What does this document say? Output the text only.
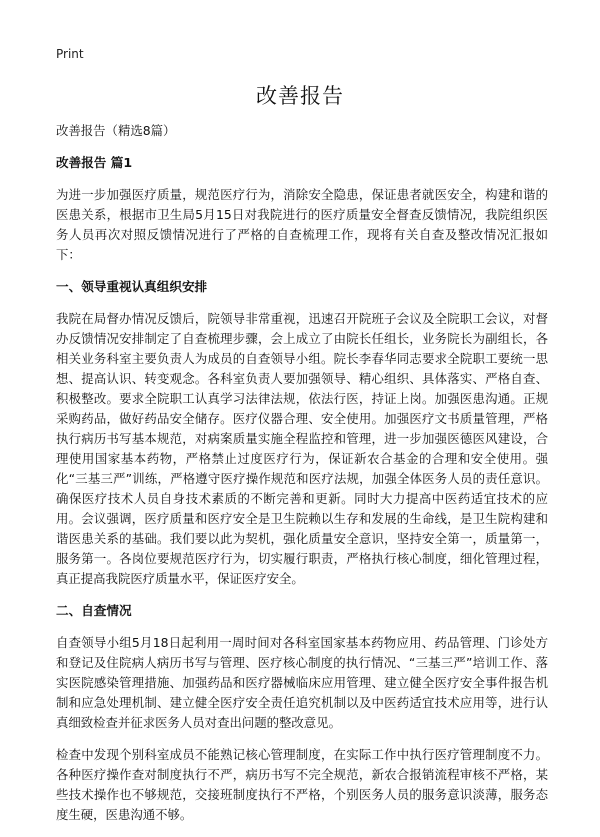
Print
改善报告

改善报告（精选8篇）

改善报告 篇1

为进一步加强医疗质量，规范医疗行为，消除安全隐患，保证患者就医安全，构建和谐的医患关系，根据市卫生局5月15日对我院进行的医疗质量安全督查反馈情况，我院组织医务人员再次对照反馈情况进行了严格的自查梳理工作，现将有关自查及整改情况汇报如下：

一、领导重视认真组织安排

我院在局督办情况反馈后，院领导非常重视，迅速召开院班子会议及全院职工会议，对督办反馈情况安排制定了自查梳理步骤，会上成立了由院长任组长，业务院长为副组长，各相关业务科室主要负责人为成员的自查领导小组。院长李春华同志要求全院职工要统一思想、提高认识、转变观念。各科室负责人要加强领导、精心组织、具体落实、严格自查、积极整改。要求全院职工认真学习法律法规，依法行医，持证上岗。加强医患沟通。正规采购药品，做好药品安全储存。医疗仪器合理、安全使用。加强医疗文书质量管理，严格执行病历书写基本规范，对病案质量实施全程监控和管理，进一步加强医德医风建设，合理使用国家基本药物，严格禁止过度医疗行为，保证新农合基金的合理和安全使用。强化“三基三严”训练，严格遵守医疗操作规范和医疗法规，加强全体医务人员的责任意识。确保医疗技术人员自身技术素质的不断完善和更新。同时大力提高中医药适宜技术的应用。会议强调，医疗质量和医疗安全是卫生院赖以生存和发展的生命线，是卫生院构建和谐医患关系的基础。我们要以此为契机，强化质量安全意识，坚持安全第一，质量第一，服务第一。各岗位要规范医疗行为，切实履行职责，严格执行核心制度，细化管理过程，真正提高我院医疗质量水平，保证医疗安全。

二、自查情况

自查领导小组5月18日起利用一周时间对各科室国家基本药物应用、药品管理、门诊处方和登记及住院病人病历书写与管理、医疗核心制度的执行情况、“三基三严”培训工作、落实医院感染管理措施、加强药品和医疗器械临床应用管理、建立健全医疗安全事件报告机制和应急处理机制、建立健全医疗安全责任追究机制以及中医药适宜技术应用等，进行认真细致检查并征求医务人员对查出问题的整改意见。

检查中发现个别科室成员不能熟记核心管理制度，在实际工作中执行医疗管理制度不力。各种医疗操作查对制度执行不严，病历书写不完全规范，新农合报销流程审核不严格，某些技术操作也不够规范，交接班制度执行不严格，个别医务人员的服务意识淡薄，服务态度生硬，医患沟通不够。
